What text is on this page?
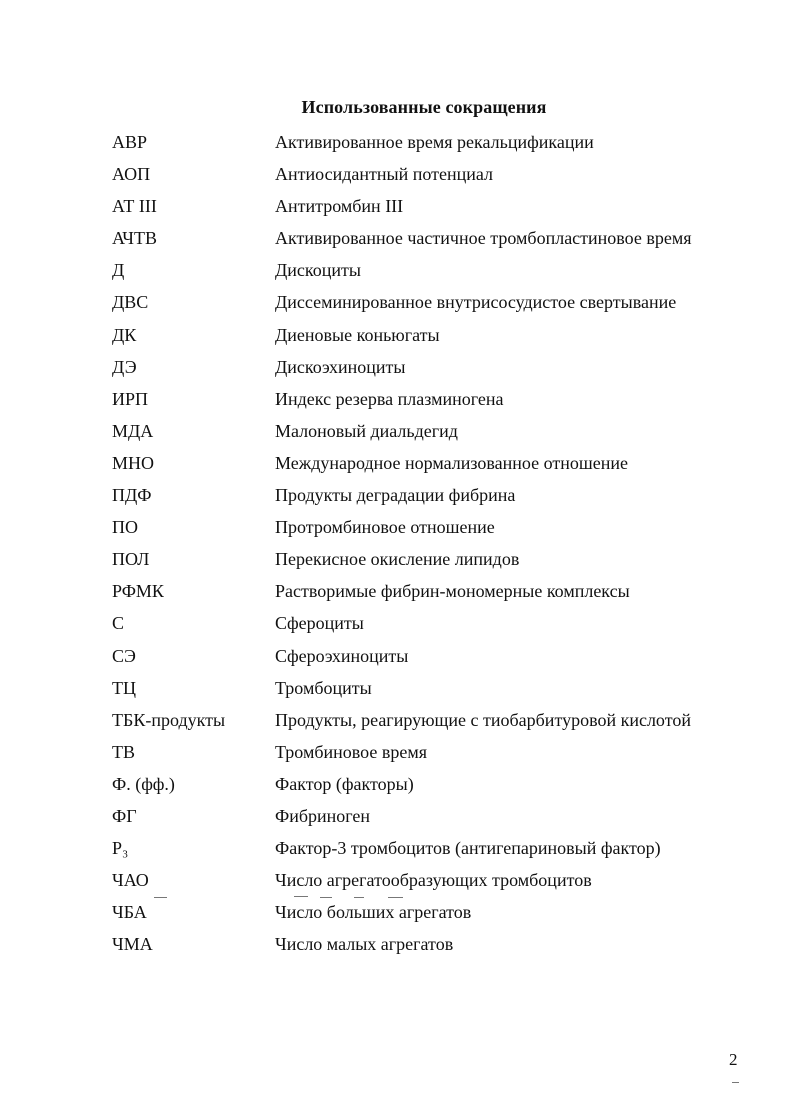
Использованные сокращения
АВР	Активированное время рекальцификации
АОП	Антиосидантный потенциал
АТ III	Антитромбин III
АЧТВ	Активированное частичное тромбопластиновое время
Д	Дискоциты
ДВС	Диссеминированное внутрисосудистое свертывание
ДК	Диеновые коньюгаты
ДЭ	Дискоэхиноциты
ИРП	Индекс резерва плазминогена
МДА	Малоновый диальдегид
МНО	Международное нормализованное отношение
ПДФ	Продукты деградации фибрина
ПО	Протромбиновое отношение
ПОЛ	Перекисное окисление липидов
РФМК	Растворимые фибрин-мономерные комплексы
С	Сфероциты
СЭ	Сфероэхиноциты
ТЦ	Тромбоциты
ТБК-продукты	Продукты, реагирующие с тиобарбитуровой кислотой
ТВ	Тромбиновое время
Ф. (фф.)	Фактор (факторы)
ФГ	Фибриноген
P₃	Фактор-3 тромбоцитов (антигепариновый фактор)
ЧАО	Число агрегатообразующих тромбоцитов
ЧБА	Число больших агрегатов
ЧМА	Число малых агрегатов
2
